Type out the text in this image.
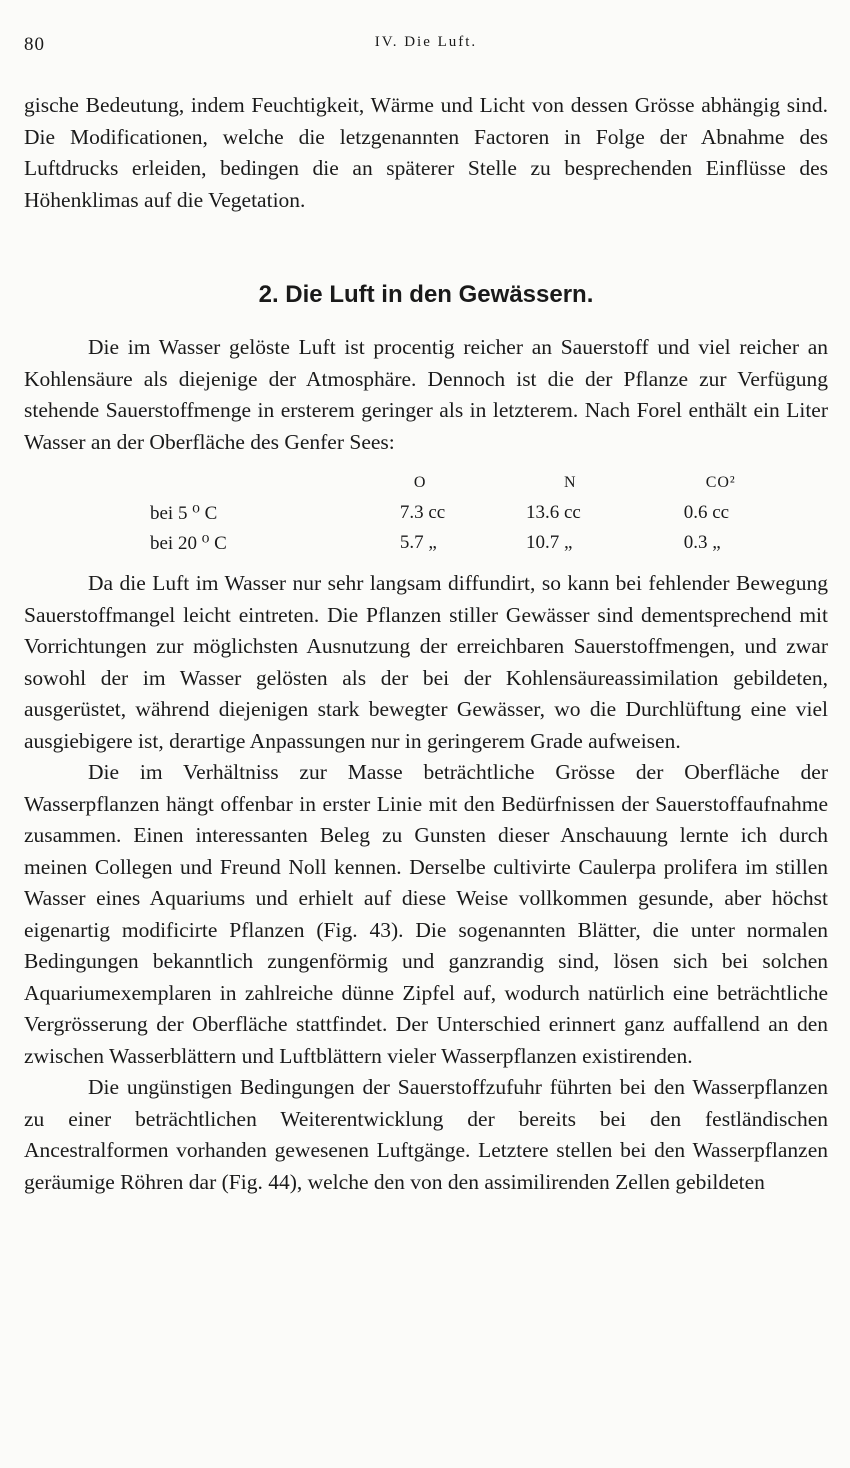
80	IV. Die Luft.

gische Bedeutung, indem Feuchtigkeit, Wärme und Licht von dessen Grösse abhängig sind. Die Modificationen, welche die letzgenannten Factoren in Folge der Abnahme des Luftdrucks erleiden, bedingen die an späterer Stelle zu besprechenden Einflüsse des Höhenklimas auf die Vegetation.

2. Die Luft in den Gewässern.

Die im Wasser gelöste Luft ist procentig reicher an Sauerstoff und viel reicher an Kohlensäure als diejenige der Atmosphäre. Dennoch ist die der Pflanze zur Verfügung stehende Sauerstoffmenge in ersterem geringer als in letzterem. Nach Forel enthält ein Liter Wasser an der Oberfläche des Genfer Sees:

	O	N	CO²
bei 5 ⁰ C	7.3 cc	13.6 cc	0.6 cc
bei 20 ⁰ C	5.7 „	10.7 „	0.3 „

Da die Luft im Wasser nur sehr langsam diffundirt, so kann bei fehlender Bewegung Sauerstoffmangel leicht eintreten. Die Pflanzen stiller Gewässer sind dementsprechend mit Vorrichtungen zur möglichsten Ausnutzung der erreichbaren Sauerstoffmengen, und zwar sowohl der im Wasser gelösten als der bei der Kohlensäureassimilation gebildeten, ausgerüstet, während diejenigen stark bewegter Gewässer, wo die Durchlüftung eine viel ausgiebigere ist, derartige Anpassungen nur in geringerem Grade aufweisen.

Die im Verhältniss zur Masse beträchtliche Grösse der Oberfläche der Wasserpflanzen hängt offenbar in erster Linie mit den Bedürfnissen der Sauerstoffaufnahme zusammen. Einen interessanten Beleg zu Gunsten dieser Anschauung lernte ich durch meinen Collegen und Freund Noll kennen. Derselbe cultivirte Caulerpa prolifera im stillen Wasser eines Aquariums und erhielt auf diese Weise vollkommen gesunde, aber höchst eigenartig modificirte Pflanzen (Fig. 43). Die sogenannten Blätter, die unter normalen Bedingungen bekanntlich zungenförmig und ganzrandig sind, lösen sich bei solchen Aquariumexemplaren in zahlreiche dünne Zipfel auf, wodurch natürlich eine beträchtliche Vergrösserung der Oberfläche stattfindet. Der Unterschied erinnert ganz auffallend an den zwischen Wasserblättern und Luftblättern vieler Wasserpflanzen existirenden.

Die ungünstigen Bedingungen der Sauerstoffzufuhr führten bei den Wasserpflanzen zu einer beträchtlichen Weiterentwicklung der bereits bei den festländischen Ancestralformen vorhanden gewesenen Luftgänge. Letztere stellen bei den Wasserpflanzen geräumige Röhren dar (Fig. 44), welche den von den assimilirenden Zellen gebildeten
